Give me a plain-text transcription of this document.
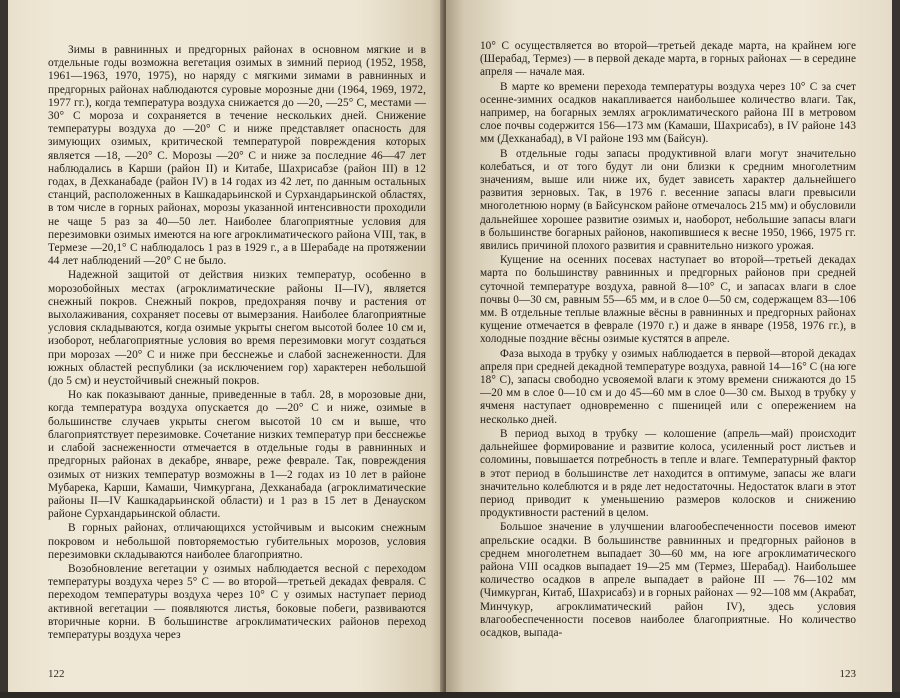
Зимы в равнинных и предгорных районах в основном мягкие и в отдельные годы возможна вегетация озимых в зимний период (1952, 1958, 1961—1963, 1970, 1975), но наряду с мягкими зимами в равнинных и предгорных районах наблюдаются суровые морозные дни (1964, 1969, 1972, 1977 гг.), когда температура воздуха снижается до —20, —25° С, местами —30° С мороза и сохраняется в течение нескольких дней. Снижение температуры воздуха до —20° С и ниже представляет опасность для зимующих озимых, критической температурой повреждения которых является —18, —20° С. Морозы —20° С и ниже за последние 46—47 лет наблюдались в Карши (район II) и Китабе, Шахрисабзе (район III) в 12 годах, в Дехканабаде (район IV) в 14 годах из 42 лет, по данным остальных станций, расположенных в Кашкадарьинской и Сурхандарьинской областях, в том числе в горных районах, морозы указанной интенсивности проходили не чаще 5 раз за 40—50 лет. Наиболее благоприятные условия для перезимовки озимых имеются на юге агроклиматического района VIII, так, в Термезе —20,1° С наблюдалось 1 раз в 1929 г., а в Шерабаде на протяжении 44 лет наблюдений —20° С не было.

Надежной защитой от действия низких температур, особенно в морозобойных местах (агроклиматические районы II—IV), является снежный покров. Снежный покров, предохраняя почву и растения от выхолаживания, сохраняет посевы от вымерзания. Наиболее благоприятные условия складываются, когда озимые укрыты снегом высотой более 10 см и, изоборот, неблагоприятные условия во время перезимовки могут создаться при морозах —20° С и ниже при бесснежье и слабой заснеженности. Для южных областей республики (за исключением гор) характерен небольшой (до 5 см) и неустойчивый снежный покров.

Но как показывают данные, приведенные в табл. 28, в морозовые дни, когда температура воздуха опускается до —20° С и ниже, озимые в большинстве случаев укрыты снегом высотой 10 см и выше, что благоприятствует перезимовке. Сочетание низких температур при бесснежье и слабой заснеженности отмечается в отдельные годы в равнинных и предгорных районах в декабре, январе, реже феврале. Так, повреждения озимых от низких температур возможны в 1—2 годах из 10 лет в районе Мубарека, Карши, Камаши, Чимкургана, Дехканабада (агроклиматические районы II—IV Кашкадарьинской области) и 1 раз в 15 лет в Денауском районе Сурхандарьинской области.

В горных районах, отличающихся устойчивым и высоким снежным покровом и небольшой повторяемостью губительных морозов, условия перезимовки складываются наиболее благоприятно.

Возобновление вегетации у озимых наблюдается весной с переходом температуры воздуха через 5° С — во второй—третьей декадах февраля. С переходом температуры воздуха через 10° С у озимых наступает период активной вегетации — появляются листья, боковые побеги, развиваются вторичные корни. В большинстве агроклиматических районов переход температуры воздуха через

122

10° С осуществляется во второй—третьей декаде марта, на крайнем юге (Шерабад, Термез) — в первой декаде марта, в горных районах — в середине апреля — начале мая.

В марте ко времени перехода температуры воздуха через 10° С за счет осенне-зимних осадков накапливается наибольшее количество влаги. Так, например, на богарных землях агроклиматического района III в метровом слое почвы содержится 156—173 мм (Камаши, Шахрисабз), в IV районе 143 мм (Дехканабад), в VI районе 193 мм (Байсун).

В отдельные годы запасы продуктивной влаги могут значительно колебаться, и от того будут ли они близки к средним многолетним значениям, выше или ниже их, будет зависеть характер дальнейшего развития зерновых. Так, в 1976 г. весенние запасы влаги превысили многолетнюю норму (в Байсунском районе отмечалось 215 мм) и обусловили дальнейшее хорошее развитие озимых и, наоборот, небольшие запасы влаги в большинстве богарных районов, накопившиеся к весне 1950, 1966, 1975 гг. явились причиной плохого развития и сравнительно низкого урожая.

Кущение на осенних посевах наступает во второй—третьей декадах марта по большинству равнинных и предгорных районов при средней суточной температуре воздуха, равной 8—10° С, и запасах влаги в слое почвы 0—30 см, равным 55—65 мм, и в слое 0—50 см, содержащем 83—106 мм. В отдельные теплые влажные вёсны в равнинных и предгорных районах кущение отмечается в феврале (1970 г.) и даже в январе (1958, 1976 гг.), в холодные поздние вёсны озимые кустятся в апреле.

Фаза выхода в трубку у озимых наблюдается в первой—второй декадах апреля при средней декадной температуре воздуха, равной 14—16° С (на юге 18° С), запасы свободно усвояемой влаги к этому времени снижаются до 15—20 мм в слое 0—10 см и до 45—60 мм в слое 0—30 см. Выход в трубку у ячменя наступает одновременно с пшеницей или с опережением на несколько дней.

В период выход в трубку — колошение (апрель—май) происходит дальнейшее формирование и развитие колоса, усиленный рост листьев и соломины, повышается потребность в тепле и влаге. Температурный фактор в этот период в большинстве лет находится в оптимуме, запасы же влаги значительно колеблются и в ряде лет недостаточны. Недостаток влаги в этот период приводит к уменьшению размеров колосков и снижению продуктивности растений в целом.

Большое значение в улучшении влагообеспеченности посевов имеют апрельские осадки. В большинстве равнинных и предгорных районов в среднем многолетнем выпадает 30—60 мм, на юге агроклиматического района VIII осадков выпадает 19—25 мм (Термез, Шерабад). Наибольшее количество осадков в апреле выпадает в районе III — 76—102 мм (Чимкурган, Китаб, Шахрисабз) и в горных районах — 92—108 мм (Акрабат, Минчукур, агроклиматический район IV), здесь условия влагообеспеченности посевов наиболее благоприятные. Но количество осадков, выпада-

123
